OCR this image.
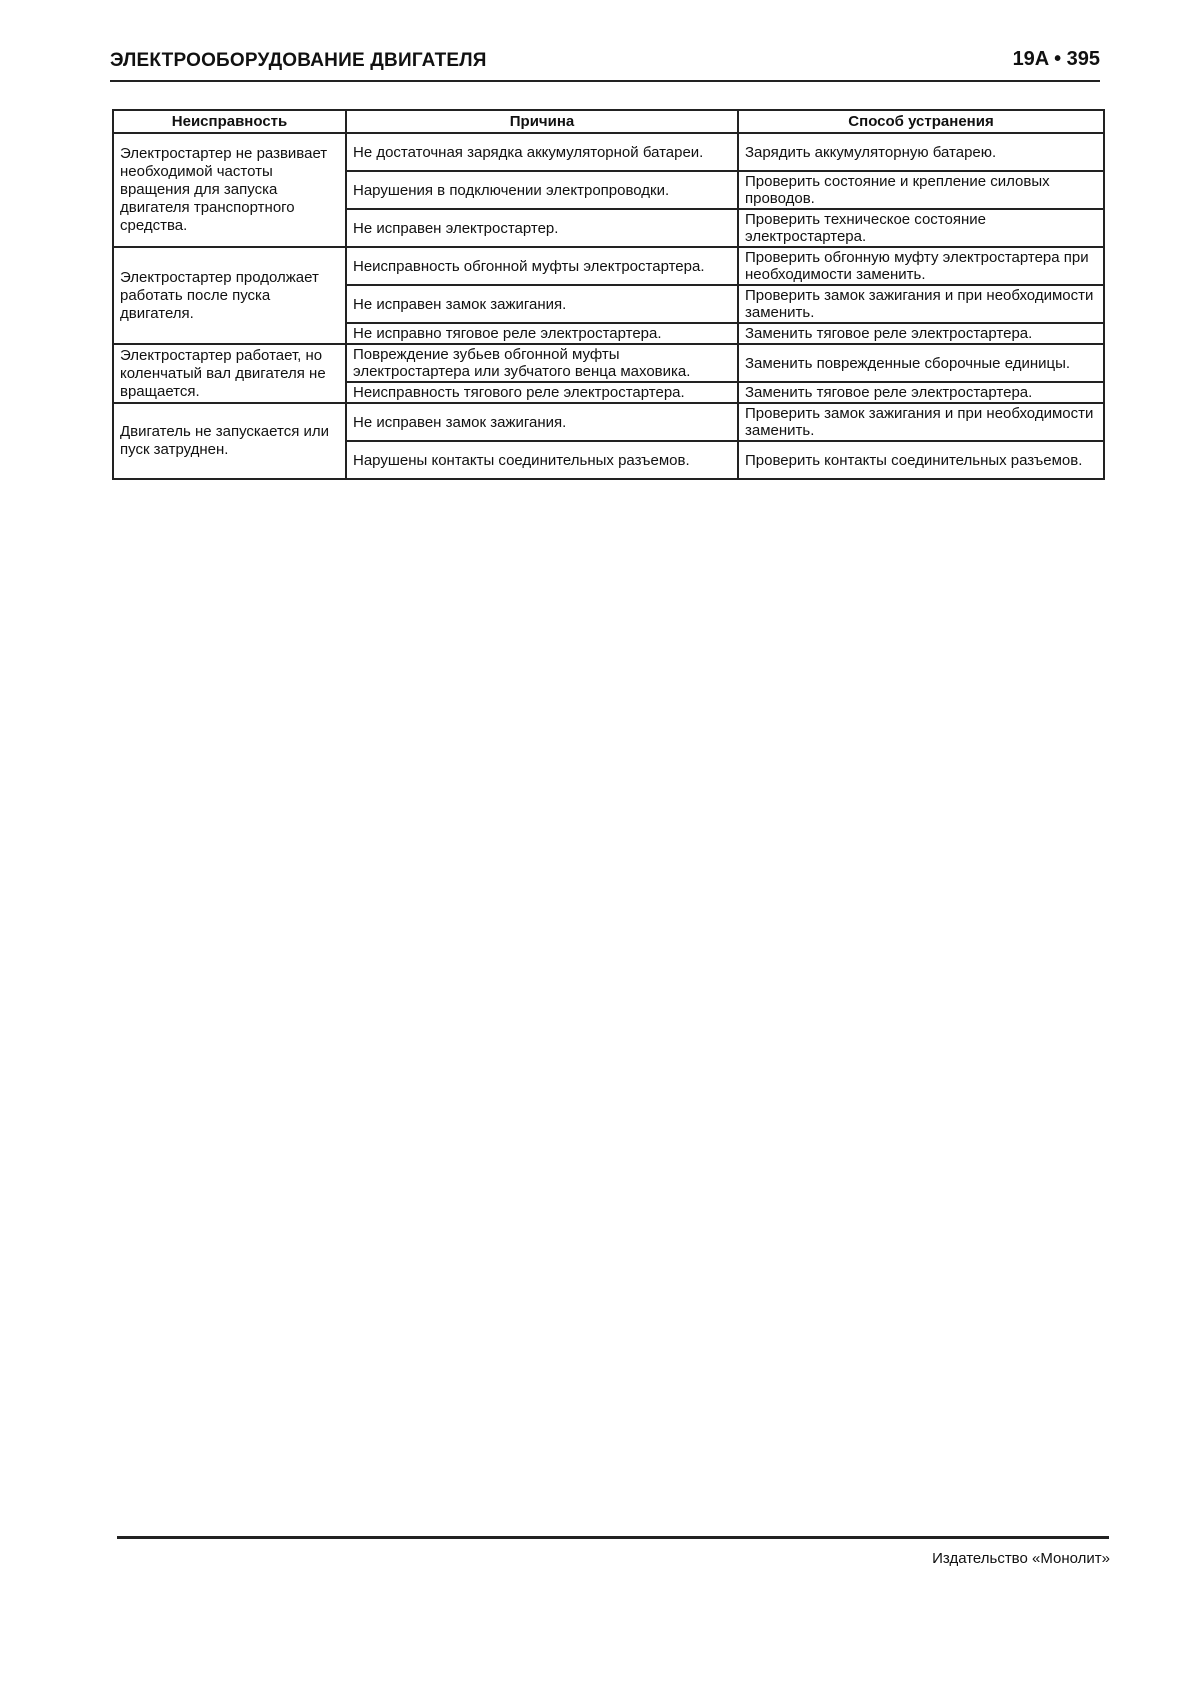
ЭЛЕКТРООБОРУДОВАНИЕ ДВИГАТЕЛЯ	19A • 395
Неисправность	Причина	Способ устранения
Электростартер не развивает необходимой частоты вращения для запуска двигателя транспортного средства.	Не достаточная зарядка аккумуляторной батареи.	Зарядить аккумуляторную батарею.
	Нарушения в подключении электропроводки.	Проверить состояние и крепление силовых проводов.
	Не исправен электростартер.	Проверить техническое состояние электростартера.
Электростартер продолжает работать после пуска двигателя.	Неисправность обгонной муфты электростартера.	Проверить обгонную муфту электростартера при необходимости заменить.
	Не исправен замок зажигания.	Проверить замок зажигания и при необходимости заменить.
	Не исправно тяговое реле электростартера.	Заменить тяговое реле электростартера.
Электростартер работает, но коленчатый вал двигателя не вращается.	Повреждение зубьев обгонной муфты электростартера или зубчатого венца маховика.	Заменить поврежденные сборочные единицы.
	Неисправность тягового реле электростартера.	Заменить тяговое реле электростартера.
Двигатель не запускается или пуск затруднен.	Не исправен замок зажигания.	Проверить замок зажигания и при необходимости заменить.
	Нарушены контакты соединительных разъемов.	Проверить контакты соединительных разъемов.
Издательство «Монолит»
